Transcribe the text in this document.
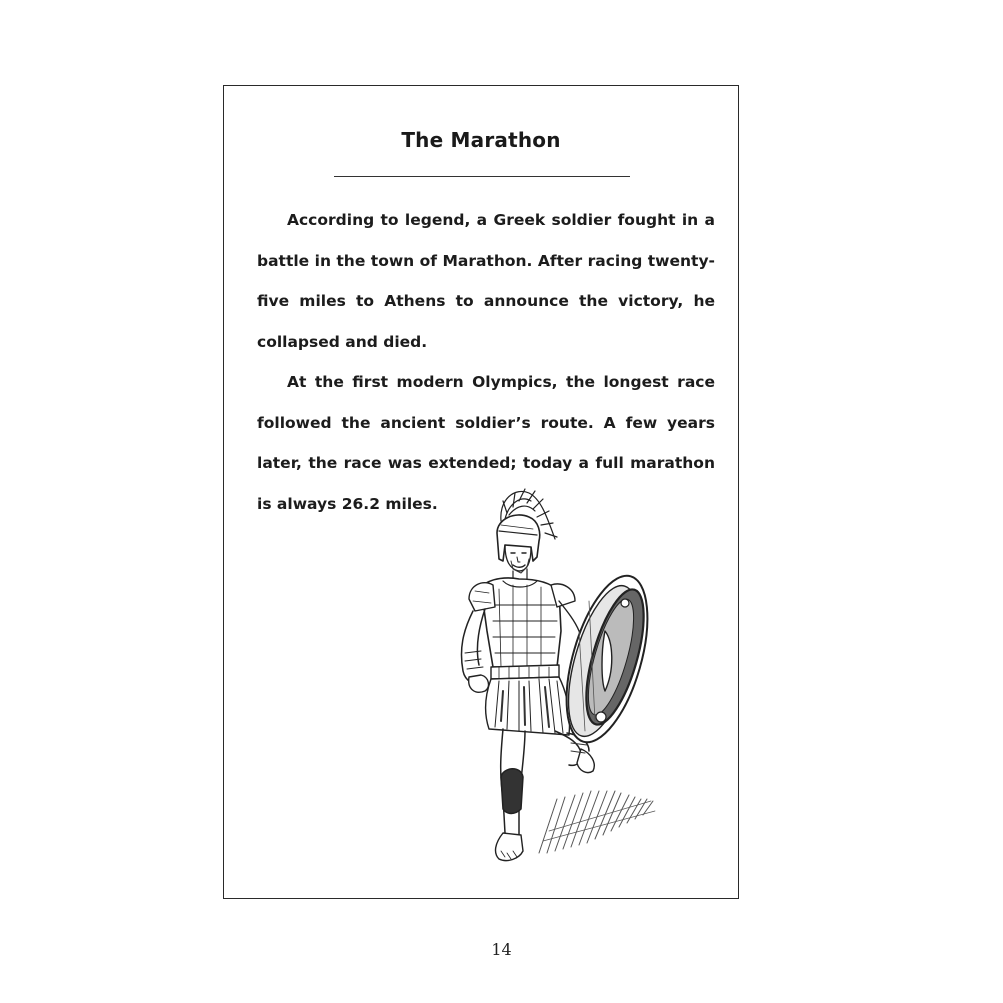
The Marathon

According to legend, a Greek soldier fought in a battle in the town of Marathon. After racing twenty-five miles to Athens to announce the victory, he collapsed and died.

At the first modern Olympics, the longest race followed the ancient soldier’s route. A few years later, the race was extended; today a full marathon is always 26.2 miles.

14
